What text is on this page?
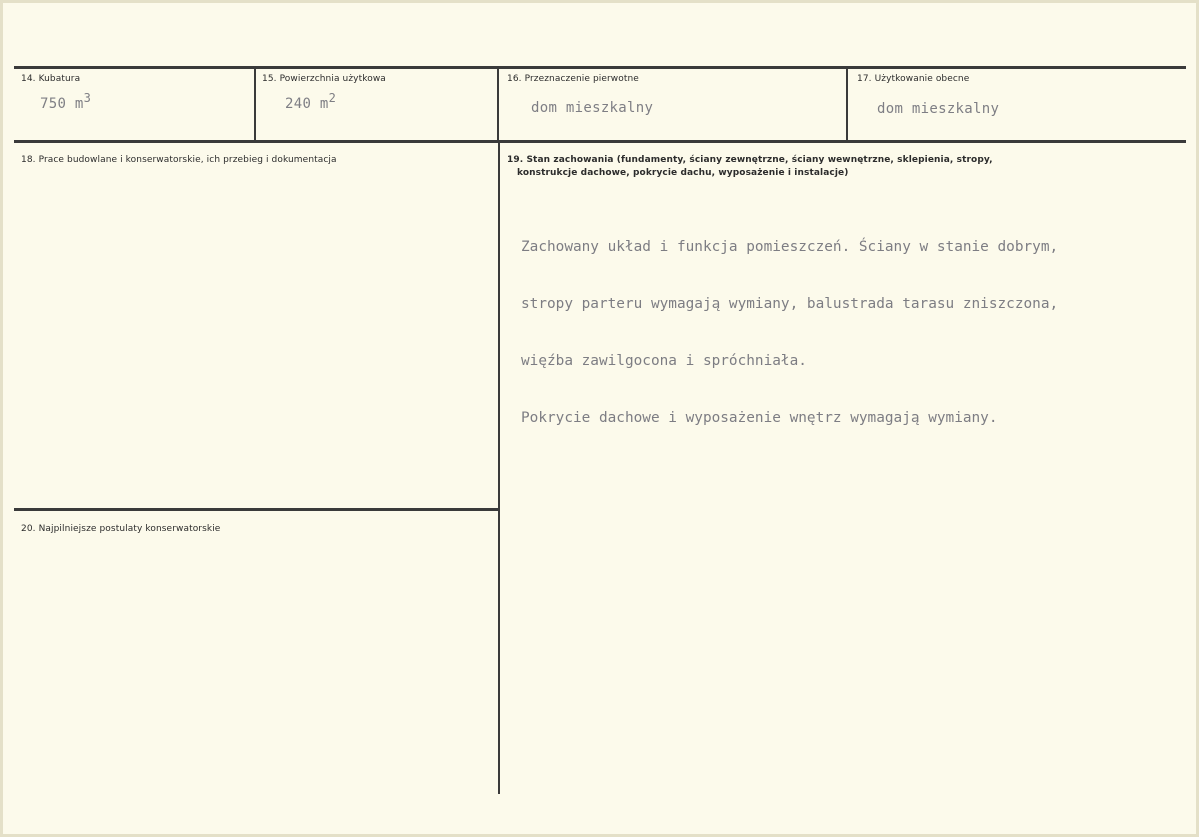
14. Kubatura
750 $m^3$
15. Powierzchnia użytkowa
240 $m^2$
16. Przeznaczenie pierwotne
dom mieszkalny
17. Użytkowanie obecne
dom mieszkalny
18. Prace budowlane i konserwatorskie, ich przebieg i dokumentacja	19. Stan zachowania (fundamenty, ściany zewnętrzne, ściany wewnętrzne, sklepienia, stropy,
konstrukcje dachowe, pokrycie dachu, wyposażenie i instalacje)

Zachowany układ i funkcja pomieszczeń. Ściany w stanie dobrym,

stropy parteru wymagają wymiany, balustrada tarasu zniszczona,

więźba zawilgocona i spróchniała.

Pokrycie dachowe i wyposażenie wnętrz wymagają wymiany.

20. Najpilniejsze postulaty konserwatorskie
